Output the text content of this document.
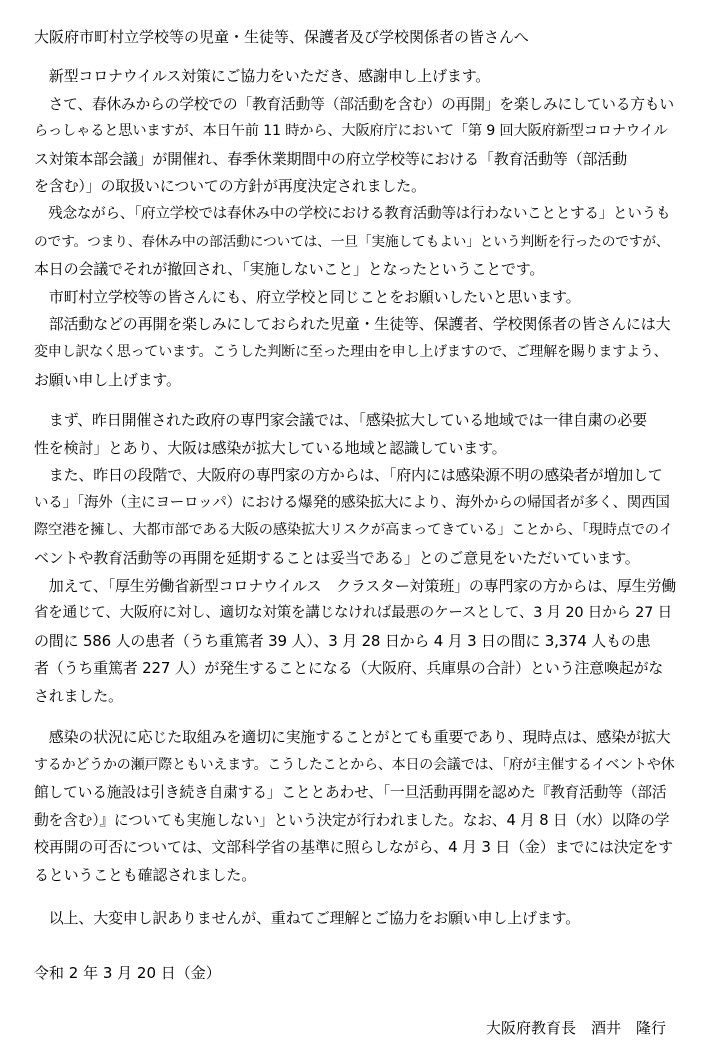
大阪府市町村立学校等の児童・生徒等、保護者及び学校関係者の皆さんへ
　新型コロナウイルス対策にご協力をいただき、感謝申し上げます。
　さて、春休みからの学校での「教育活動等（部活動を含む）の再開」を楽しみにしている方もい
らっしゃると思いますが、本日午前 11 時から、大阪府庁において「第 9 回大阪府新型コロナウイル
ス対策本部会議」が開催れ、春季休業期間中の府立学校等における「教育活動等（部活動
を含む）」の取扱いについての方針が再度決定されました。
　残念ながら、「府立学校では春休み中の学校における教育活動等は行わないこととする」というも
のです。つまり、春休み中の部活動については、一旦「実施してもよい」という判断を行ったのですが、
本日の会議でそれが撤回され、「実施しないこと」となったということです。
　市町村立学校等の皆さんにも、府立学校と同じことをお願いしたいと思います。
　部活動などの再開を楽しみにしておられた児童・生徒等、保護者、学校関係者の皆さんには大
変申し訳なく思っています。こうした判断に至った理由を申し上げますので、ご理解を賜りますよう、
お願い申し上げます。
　まず、昨日開催された政府の専門家会議では、「感染拡大している地域では一律自粛の必要
性を検討」とあり、大阪は感染が拡大している地域と認識しています。
　また、昨日の段階で、大阪府の専門家の方からは、「府内には感染源不明の感染者が増加して
いる」「海外（主にヨーロッパ）における爆発的感染拡大により、海外からの帰国者が多く、関西国
際空港を擁し、大都市部である大阪の感染拡大リスクが高まってきている」ことから、「現時点でのイ
ベントや教育活動等の再開を延期することは妥当である」とのご意見をいただいています。
　加えて、「厚生労働省新型コロナウイルス　クラスター対策班」の専門家の方からは、厚生労働
省を通じて、大阪府に対し、適切な対策を講じなければ最悪のケースとして、3 月 20 日から 27 日
の間に 586 人の患者（うち重篤者 39 人）、3 月 28 日から 4 月 3 日の間に 3,374 人もの患
者（うち重篤者 227 人）が発生することになる（大阪府、兵庫県の合計）という注意喚起がな
されました。
　感染の状況に応じた取組みを適切に実施することがとても重要であり、現時点は、感染が拡大
するかどうかの瀬戸際ともいえます。こうしたことから、本日の会議では、「府が主催するイベントや休
館している施設は引き続き自粛する」こととあわせ、「一旦活動再開を認めた『教育活動等（部活
動を含む）』についても実施しない」という決定が行われました。なお、4 月 8 日（水）以降の学
校再開の可否については、文部科学省の基準に照らしながら、4 月 3 日（金）までには決定をす
るということも確認されました。
　以上、大変申し訳ありませんが、重ねてご理解とご協力をお願い申し上げます。
令和 2 年 3 月 20 日（金）
大阪府教育長　酒井　隆行
